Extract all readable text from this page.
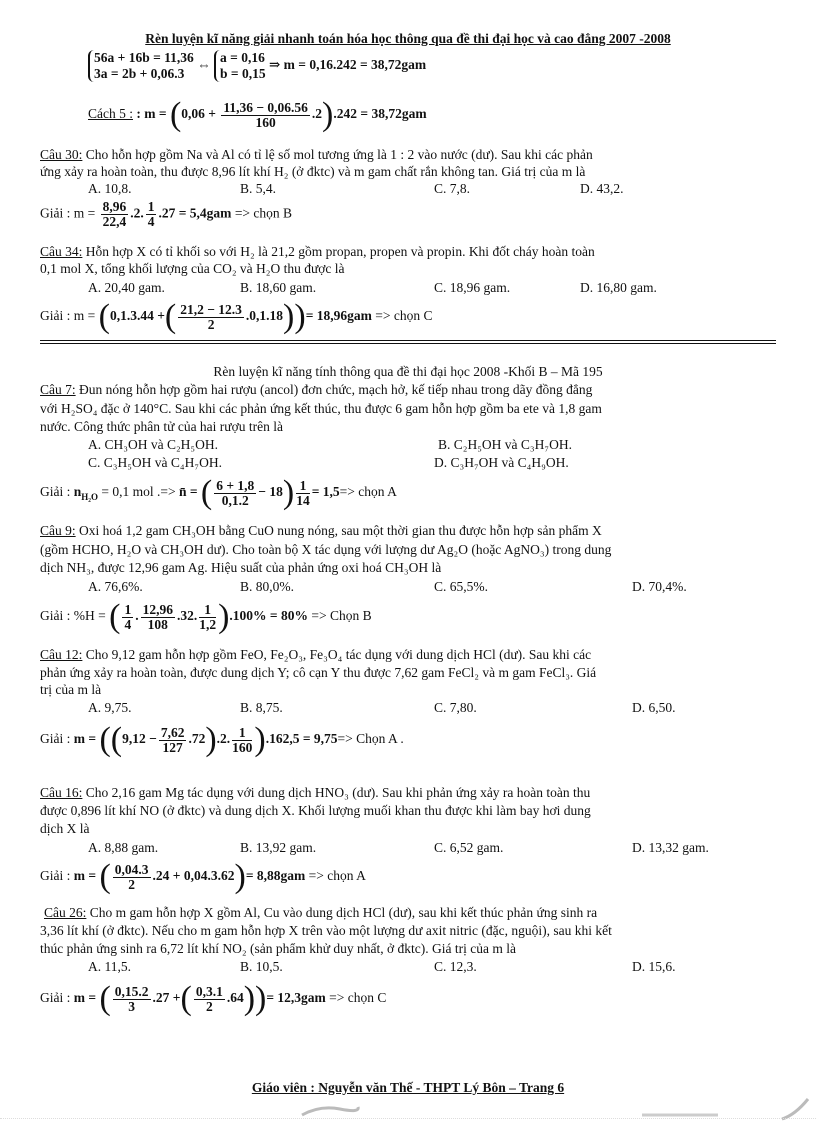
Rèn luyện kĩ năng giải nhanh toán hóa học thông qua đề thi đại học và cao đẳng 2007 -2008
56a + 16b = 11,36
3a = 2b + 0,06.3
⇔ a = 0,16
b = 0,15
⇒ m = 0,16.242 = 38,72gam
Cách 5 : : $m = (0,06 + \frac{11,36 - 0,06.56}{160} .2).242 = 38,72gam$
Câu 30: Cho hỗn hợp gồm Na và Al có tỉ lệ số mol tương ứng là 1 : 2 vào nước (dư). Sau khi các phản
ứng xảy ra hoàn toàn, thu được 8,96 lít khí H₂ (ở đktc) và m gam chất rắn không tan. Giá trị của m là
A. 10,8.	B. 5,4.	C. 7,8.	D. 43,2.
Giải : $m = \frac{8,96}{22,4} .2$. $\frac{1}{4} .27 = 5,4gam$ => chọn B
Câu 34: Hỗn hợp X có tỉ khối so với H₂ là 21,2 gồm propan, propen và propin. Khi đốt cháy hoàn toàn
0,1 mol X, tổng khối lượng của CO₂ và H₂O thu được là
A. 20,40 gam.	B. 18,60 gam.	C. 18,96 gam.	D. 16,80 gam.
Giải : m = (0,1.3.44 +( $\frac{21,2 - 12.3}{2} .0,1.18))= 18,96gam$ => chọn C
Rèn luyện kĩ năng tính thông qua đề thi đại học 2008 -Khối B – Mã 195
Câu 7: Đun nóng hỗn hợp gồm hai rượu (ancol) đơn chức, mạch hở, kế tiếp nhau trong dãy đồng đẳng
với H₂SO₄ đặc ở 140°C. Sau khi các phản ứng kết thúc, thu được 6 gam hỗn hợp gồm ba ete và 1,8 gam
nước. Công thức phân tử của hai rượu trên là
A. CH₃OH và C₂H₅OH.	B. C₂H₅OH và C₃H₇OH.
C. C₃H₅OH và C₄H₇OH.	D. C₃H₇OH và C₄H₉OH.
Giải : $n_{H_2O} = 0,1$ mol .=> n̄ = ( $\frac{6 + 1,8}{0,1.2} - 18) \frac{1}{14} = 1,5=>$ chọn A
Câu 9: Oxi hoá 1,2 gam CH₃OH bằng CuO nung nóng, sau một thời gian thu được hỗn hợp sản phẩm X
(gồm HCHO, H₂O và CH₃OH dư). Cho toàn bộ X tác dụng với lượng dư Ag₂O (hoặc AgNO₃) trong dung
dịch NH₃, được 12,96 gam Ag. Hiệu suất của phản ứng oxi hoá CH₃OH là
A. 76,6%.	B. 80,0%.	C. 65,5%.	D. 70,4%.
Giải : %H = ( $\frac{1}{4}$ . $\frac{12,96}{108} .32$. $\frac{1}{1,2} ).100\% = 80\%$ => Chọn B
Câu 12: Cho 9,12 gam hỗn hợp gồm FeO, Fe₂O₃, Fe₃O₄ tác dụng với dung dịch HCl (dư). Sau khi các
phản ứng xảy ra hoàn toàn, được dung dịch Y; cô cạn Y thu được 7,62 gam FeCl₂ và m gam FeCl₃. Giá
trị của m là
A. 9,75.	B. 8,75.	C. 7,80.	D. 6,50.
Giải : $m = ((9,12 - \frac{7,62}{127} .72).2$. $\frac{1}{160} ).162,5 = 9,75=>$ Chọn A .
Câu 16: Cho 2,16 gam Mg tác dụng với dung dịch HNO₃ (dư). Sau khi phản ứng xảy ra hoàn toàn thu
được 0,896 lít khí NO (ở đktc) và dung dịch X. Khối lượng muối khan thu được khi làm bay hơi dung
dịch X là
A. 8,88 gam.	B. 13,92 gam.	C. 6,52 gam.	D. 13,32 gam.
Giải : m = ( $\frac{0,04.3}{2} .24 + 0,04.3.62)= 8,88gam$ => chọn A
Câu 26: Cho m gam hỗn hợp X gồm Al, Cu vào dung dịch HCl (dư), sau khi kết thúc phản ứng sinh ra
3,36 lít khí (ở đktc). Nếu cho m gam hỗn hợp X trên vào một lượng dư axit nitric (đặc, nguội), sau khi kết
thúc phản ứng sinh ra 6,72 lít khí NO₂ (sản phẩm khử duy nhất, ở đktc). Giá trị của m là
A. 11,5.	B. 10,5.	C. 12,3.	D. 15,6.
Giải : m = ( $\frac{0,15.2}{3} .27$ +( $\frac{0,3.1}{2} .64))= 12,3gam$ => chọn C
Giáo viên : Nguyễn văn Thế - THPT Lý Bôn – Trang 6
